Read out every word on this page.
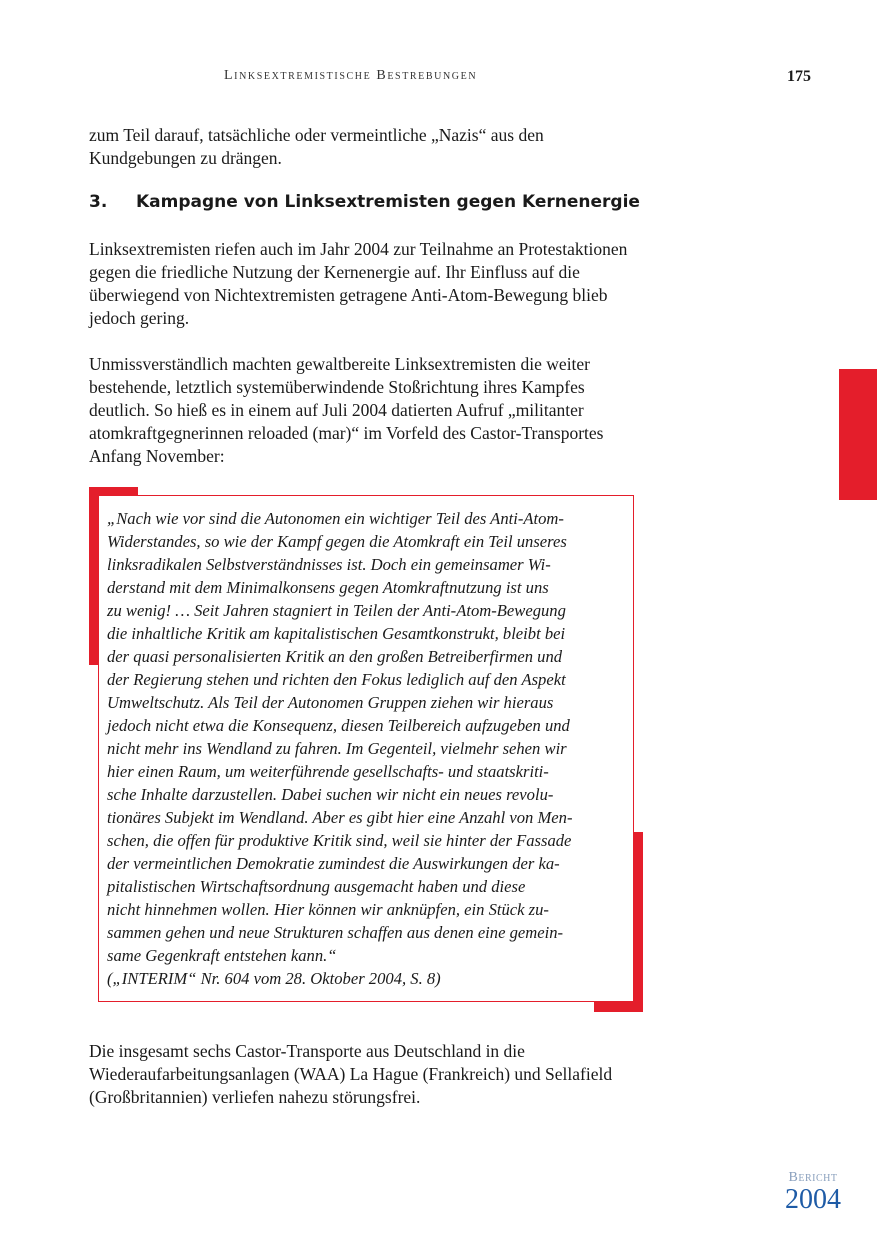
Linksextremistische Bestrebungen	175

zum Teil darauf, tatsächliche oder vermeintliche „Nazis“ aus den Kundgebungen zu drängen.

3. Kampagne von Linksextremisten gegen Kernenergie

Linksextremisten riefen auch im Jahr 2004 zur Teilnahme an Protestaktionen gegen die friedliche Nutzung der Kernenergie auf. Ihr Einfluss auf die überwiegend von Nichtextremisten getragene Anti-Atom-Bewegung blieb jedoch gering.

Unmissverständlich machten gewaltbereite Linksextremisten die weiter bestehende, letztlich systemüberwindende Stoßrichtung ihres Kampfes deutlich. So hieß es in einem auf Juli 2004 datierten Aufruf „militanter atomkraftgegnerinnen reloaded (mar)“ im Vorfeld des Castor-Transportes Anfang November:

„Nach wie vor sind die Autonomen ein wichtiger Teil des Anti-Atom-
Widerstandes, so wie der Kampf gegen die Atomkraft ein Teil unseres
linksradikalen Selbstverständnisses ist. Doch ein gemeinsamer Wi-
derstand mit dem Minimalkonsens gegen Atomkraftnutzung ist uns
zu wenig! … Seit Jahren stagniert in Teilen der Anti-Atom-Bewegung
die inhaltliche Kritik am kapitalistischen Gesamtkonstrukt, bleibt bei
der quasi personalisierten Kritik an den großen Betreiberfirmen und
der Regierung stehen und richten den Fokus lediglich auf den Aspekt
Umweltschutz. Als Teil der Autonomen Gruppen ziehen wir hieraus
jedoch nicht etwa die Konsequenz, diesen Teilbereich aufzugeben und
nicht mehr ins Wendland zu fahren. Im Gegenteil, vielmehr sehen wir
hier einen Raum, um weiterführende gesellschafts- und staatskriti-
sche Inhalte darzustellen. Dabei suchen wir nicht ein neues revolu-
tionäres Subjekt im Wendland. Aber es gibt hier eine Anzahl von Men-
schen, die offen für produktive Kritik sind, weil sie hinter der Fassade
der vermeintlichen Demokratie zumindest die Auswirkungen der ka-
pitalistischen Wirtschaftsordnung ausgemacht haben und diese
nicht hinnehmen wollen. Hier können wir anknüpfen, ein Stück zu-
sammen gehen und neue Strukturen schaffen aus denen eine gemein-
same Gegenkraft entstehen kann.“

(„INTERIM“ Nr. 604 vom 28. Oktober 2004, S. 8)

Die insgesamt sechs Castor-Transporte aus Deutschland in die Wiederaufarbeitungsanlagen (WAA) La Hague (Frankreich) und Sellafield (Großbritannien) verliefen nahezu störungsfrei.

Bericht
2004
